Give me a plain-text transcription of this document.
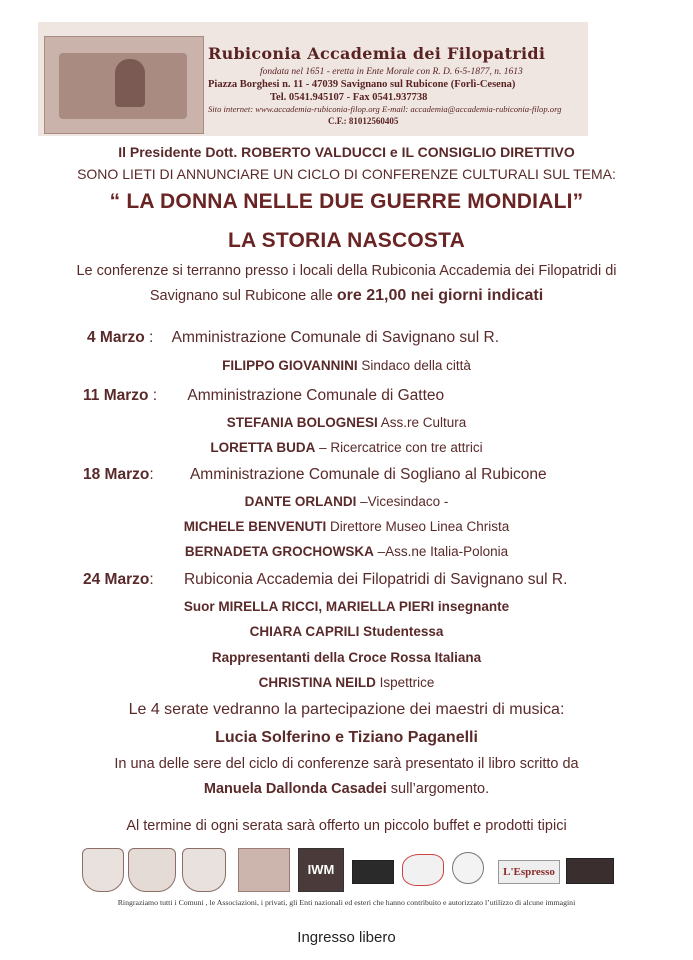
Rubiconia Accademia dei Filopatridi
fondata nel 1651 - eretta in Ente Morale con R. D. 6-5-1877, n. 1613
Piazza Borghesi n. 11 - 47039 Savignano sul Rubicone (Forlì-Cesena)
Tel. 0541.945107 - Fax 0541.937738
Sito internet: www.accademia-rubiconia-filop.org E-mail: accademia@accademia-rubiconia-filop.org
C.F.: 81012560405
Il Presidente Dott. ROBERTO VALDUCCI e IL CONSIGLIO DIRETTIVO
SONO LIETI DI ANNUNCIARE UN CICLO DI CONFERENZE CULTURALI SUL TEMA:
“ LA DONNA NELLE DUE GUERRE MONDIALI”
LA STORIA NASCOSTA
Le conferenze si terranno presso i locali della Rubiconia Accademia dei Filopatridi di
Savignano sul Rubicone alle ore 21,00 nei giorni indicati
4 Marzo : Amministrazione Comunale di Savignano sul R.
FILIPPO GIOVANNINI Sindaco della città
11 Marzo : Amministrazione Comunale di Gatteo
STEFANIA BOLOGNESI Ass.re Cultura
LORETTA BUDA – Ricercatrice con tre attrici
18 Marzo: Amministrazione Comunale di Sogliano al Rubicone
DANTE ORLANDI –Vicesindaco -
MICHELE BENVENUTI Direttore Museo Linea Christa
BERNADETA GROCHOWSKA –Ass.ne Italia-Polonia
24 Marzo: Rubiconia Accademia dei Filopatridi di Savignano sul R.
Suor MIRELLA RICCI, MARIELLA PIERI insegnante
CHIARA CAPRILI Studentessa
Rappresentanti della Croce Rossa Italiana
CHRISTINA NEILD Ispettrice
Le 4 serate vedranno la partecipazione dei maestri di musica:
Lucia Solferino e Tiziano Paganelli
In una delle sere del ciclo di conferenze sarà presentato il libro scritto da
Manuela Dallonda Casadei sull’argomento.
Al termine di ogni serata sarà offerto un piccolo buffet e prodotti tipici
IWM	L'Espresso
Ringraziamo tutti i Comuni , le Associazioni, i privati, gli Enti nazionali ed esteri che hanno contribuito e autorizzato l’utilizzo di alcune immagini
Ingresso libero
